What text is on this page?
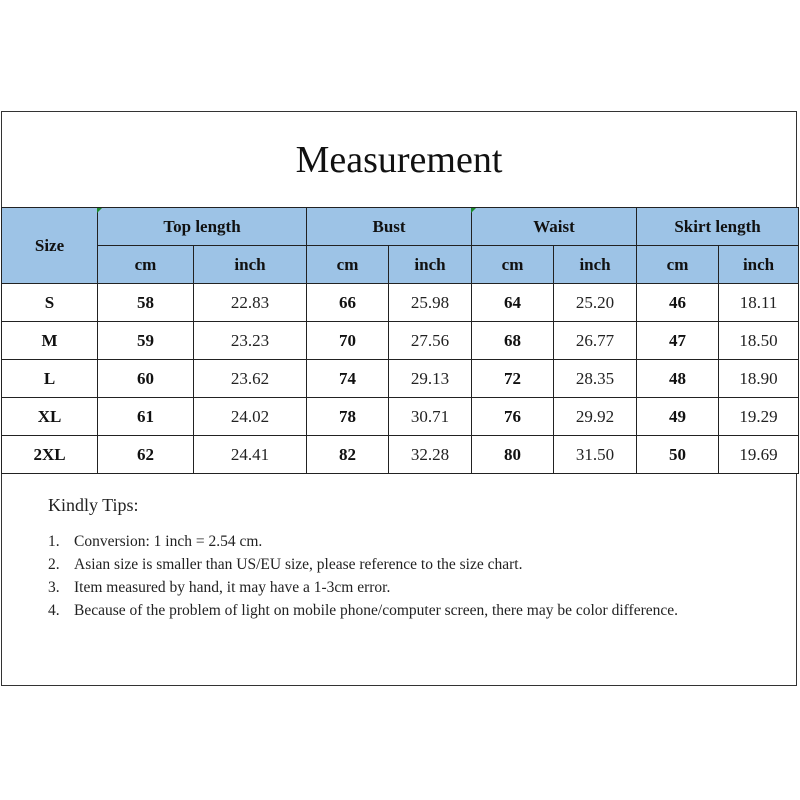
Measurement
Size	Top length		Bust		Waist		Skirt length	
	cm	inch	cm	inch	cm	inch	cm	inch
S	58	22.83	66	25.98	64	25.20	46	18.11
M	59	23.23	70	27.56	68	26.77	47	18.50
L	60	23.62	74	29.13	72	28.35	48	18.90
XL	61	24.02	78	30.71	76	29.92	49	19.29
2XL	62	24.41	82	32.28	80	31.50	50	19.69
Kindly Tips:
1. Conversion: 1 inch = 2.54 cm.
2. Asian size is smaller than US/EU size, please reference to the size chart.
3. Item measured by hand, it may have a 1-3cm error.
4. Because of the problem of light on mobile phone/computer screen, there may be color difference.
